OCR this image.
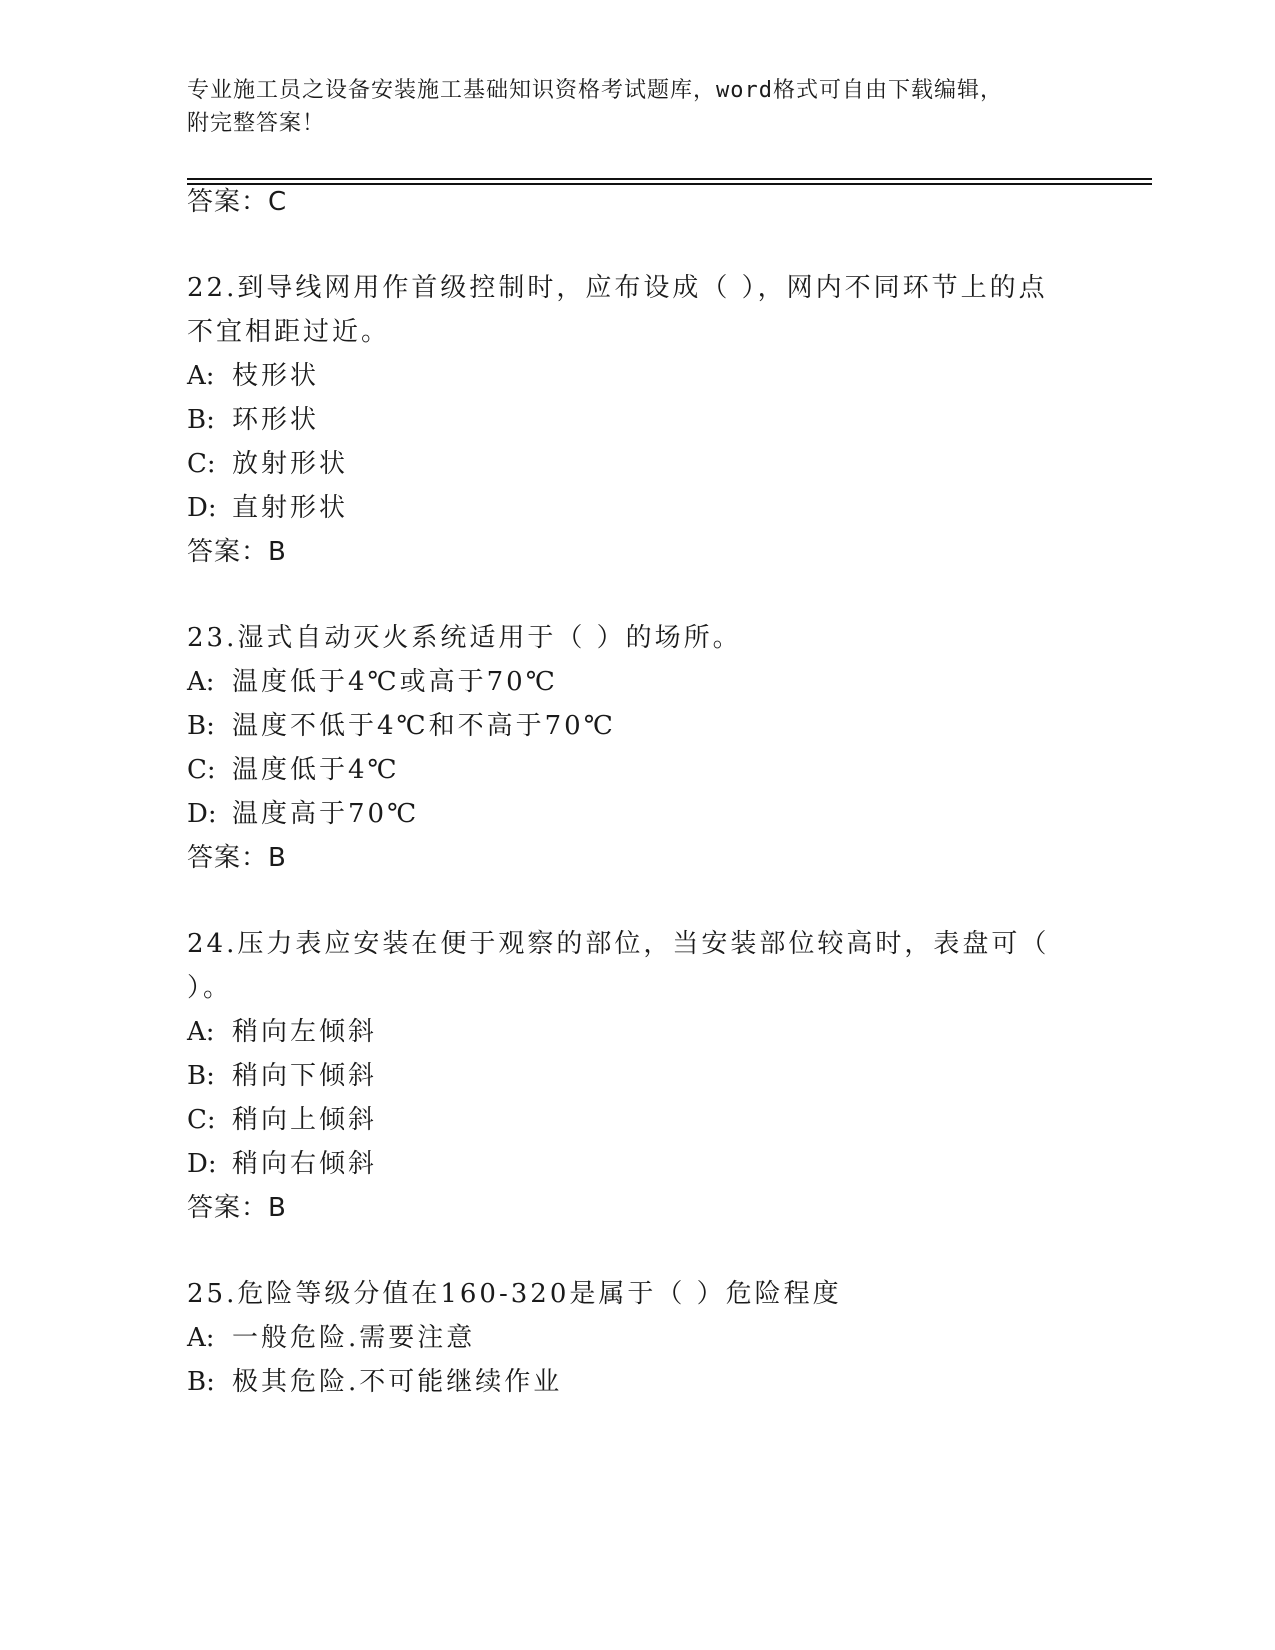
专业施工员之设备安装施工基础知识资格考试题库，word格式可自由下载编辑，
附完整答案！
答案：C
22.到导线网用作首级控制时，应布设成（ ），网内不同环节上的点
不宜相距过近。
A: 枝形状
B: 环形状
C: 放射形状
D: 直射形状
答案：B
23.湿式自动灭火系统适用于（ ）的场所。
A: 温度低于4℃或高于70℃
B: 温度不低于4℃和不高于70℃
C: 温度低于4℃
D: 温度高于70℃
答案：B
24.压力表应安装在便于观察的部位，当安装部位较高时，表盘可（
）。
A: 稍向左倾斜
B: 稍向下倾斜
C: 稍向上倾斜
D: 稍向右倾斜
答案：B
25.危险等级分值在160-320是属于（ ）危险程度
A: 一般危险.需要注意
B: 极其危险.不可能继续作业
